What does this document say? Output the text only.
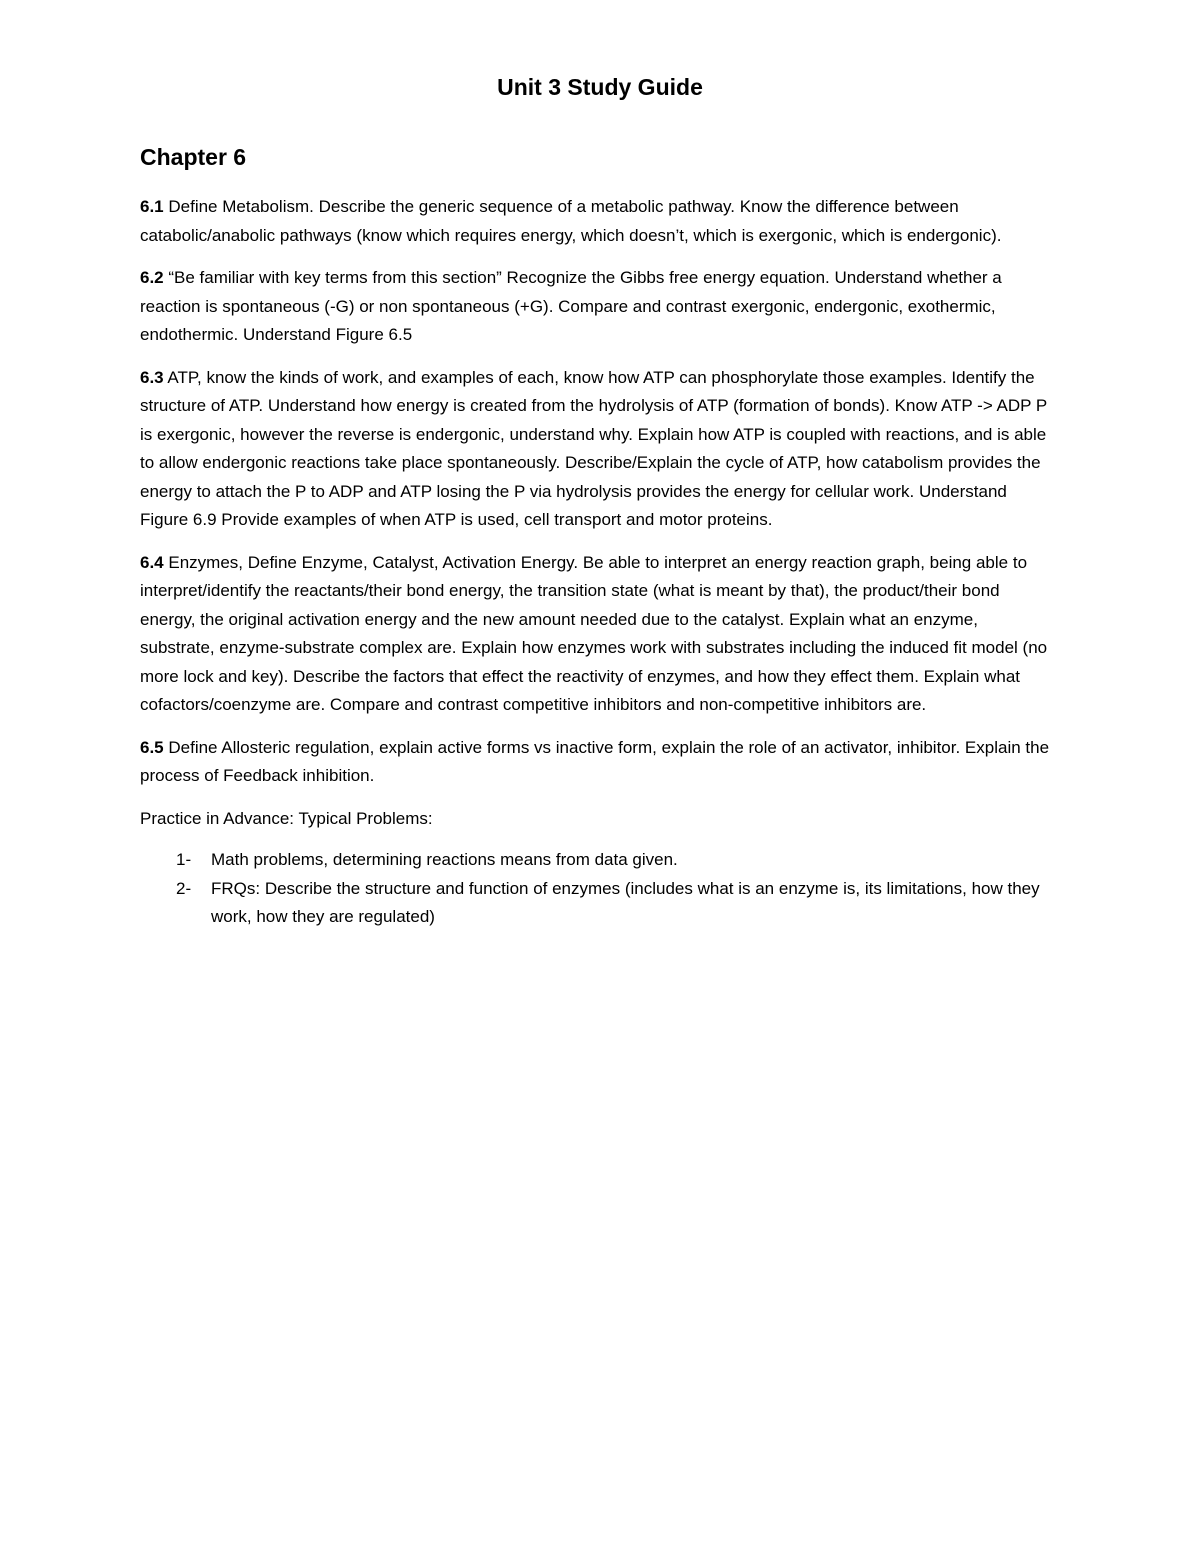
Unit 3 Study Guide
Chapter 6

6.1 Define Metabolism. Describe the generic sequence of a metabolic pathway. Know the difference between catabolic/anabolic pathways (know which requires energy, which doesn’t, which is exergonic, which is endergonic).

6.2 “Be familiar with key terms from this section” Recognize the Gibbs free energy equation. Understand whether a reaction is spontaneous (-G) or non spontaneous (+G). Compare and contrast exergonic, endergonic, exothermic, endothermic. Understand Figure 6.5

6.3 ATP, know the kinds of work, and examples of each, know how ATP can phosphorylate those examples. Identify the structure of ATP. Understand how energy is created from the hydrolysis of ATP (formation of bonds). Know ATP -> ADP P is exergonic, however the reverse is endergonic, understand why. Explain how ATP is coupled with reactions, and is able to allow endergonic reactions take place spontaneously. Describe/Explain the cycle of ATP, how catabolism provides the energy to attach the P to ADP and ATP losing the P via hydrolysis provides the energy for cellular work. Understand Figure 6.9 Provide examples of when ATP is used, cell transport and motor proteins.

6.4 Enzymes, Define Enzyme, Catalyst, Activation Energy. Be able to interpret an energy reaction graph, being able to interpret/identify the reactants/their bond energy, the transition state (what is meant by that), the product/their bond energy, the original activation energy and the new amount needed due to the catalyst. Explain what an enzyme, substrate, enzyme-substrate complex are. Explain how enzymes work with substrates including the induced fit model (no more lock and key). Describe the factors that effect the reactivity of enzymes, and how they effect them. Explain what cofactors/coenzyme are. Compare and contrast competitive inhibitors and non-competitive inhibitors are.

6.5 Define Allosteric regulation, explain active forms vs inactive form, explain the role of an activator, inhibitor. Explain the process of Feedback inhibition.

Practice in Advance: Typical Problems:

1- Math problems, determining reactions means from data given.
2- FRQs: Describe the structure and function of enzymes (includes what is an enzyme is, its limitations, how they work, how they are regulated)
